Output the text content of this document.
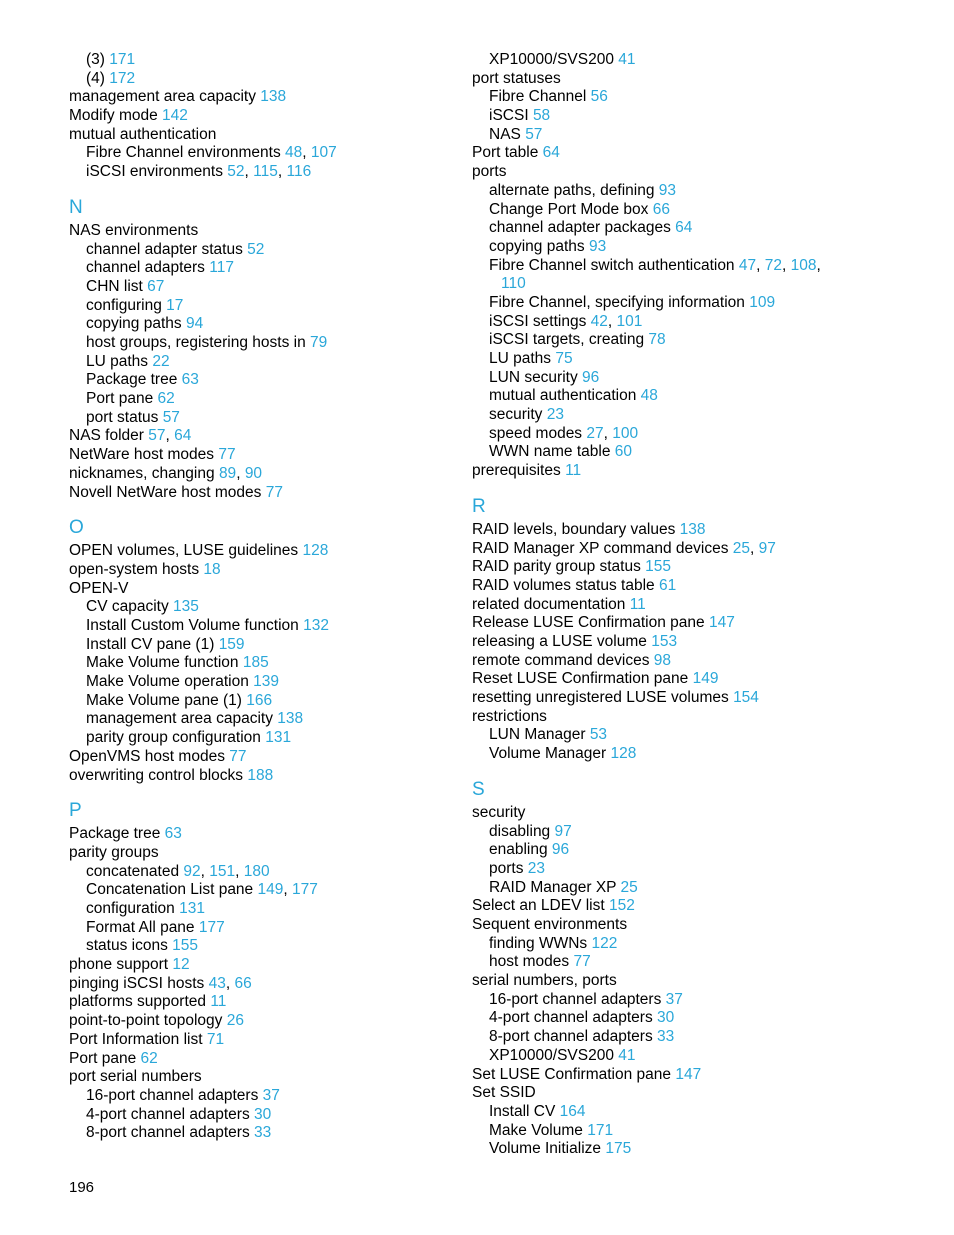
(3) 171
(4) 172
management area capacity 138
Modify mode 142
mutual authentication
Fibre Channel environments 48, 107
iSCSI environments 52, 115, 116
N
NAS environments
channel adapter status 52
channel adapters 117
CHN list 67
configuring 17
copying paths 94
host groups, registering hosts in 79
LU paths 22
Package tree 63
Port pane 62
port status 57
NAS folder 57, 64
NetWare host modes 77
nicknames, changing 89, 90
Novell NetWare host modes 77
O
OPEN volumes, LUSE guidelines 128
open-system hosts 18
OPEN-V
CV capacity 135
Install Custom Volume function 132
Install CV pane (1) 159
Make Volume function 185
Make Volume operation 139
Make Volume pane (1) 166
management area capacity 138
parity group configuration 131
OpenVMS host modes 77
overwriting control blocks 188
P
Package tree 63
parity groups
concatenated 92, 151, 180
Concatenation List pane 149, 177
configuration 131
Format All pane 177
status icons 155
phone support 12
pinging iSCSI hosts 43, 66
platforms supported 11
point-to-point topology 26
Port Information list 71
Port pane 62
port serial numbers
16-port channel adapters 37
4-port channel adapters 30
8-port channel adapters 33
XP10000/SVS200 41
port statuses
Fibre Channel 56
iSCSI 58
NAS 57
Port table 64
ports
alternate paths, defining 93
Change Port Mode box 66
channel adapter packages 64
copying paths 93
Fibre Channel switch authentication 47, 72, 108,
110
Fibre Channel, specifying information 109
iSCSI settings 42, 101
iSCSI targets, creating 78
LU paths 75
LUN security 96
mutual authentication 48
security 23
speed modes 27, 100
WWN name table 60
prerequisites 11
R
RAID levels, boundary values 138
RAID Manager XP command devices 25, 97
RAID parity group status 155
RAID volumes status table 61
related documentation 11
Release LUSE Confirmation pane 147
releasing a LUSE volume 153
remote command devices 98
Reset LUSE Confirmation pane 149
resetting unregistered LUSE volumes 154
restrictions
LUN Manager 53
Volume Manager 128
S
security
disabling 97
enabling 96
ports 23
RAID Manager XP 25
Select an LDEV list 152
Sequent environments
finding WWNs 122
host modes 77
serial numbers, ports
16-port channel adapters 37
4-port channel adapters 30
8-port channel adapters 33
XP10000/SVS200 41
Set LUSE Confirmation pane 147
Set SSID
Install CV 164
Make Volume 171
Volume Initialize 175
196
